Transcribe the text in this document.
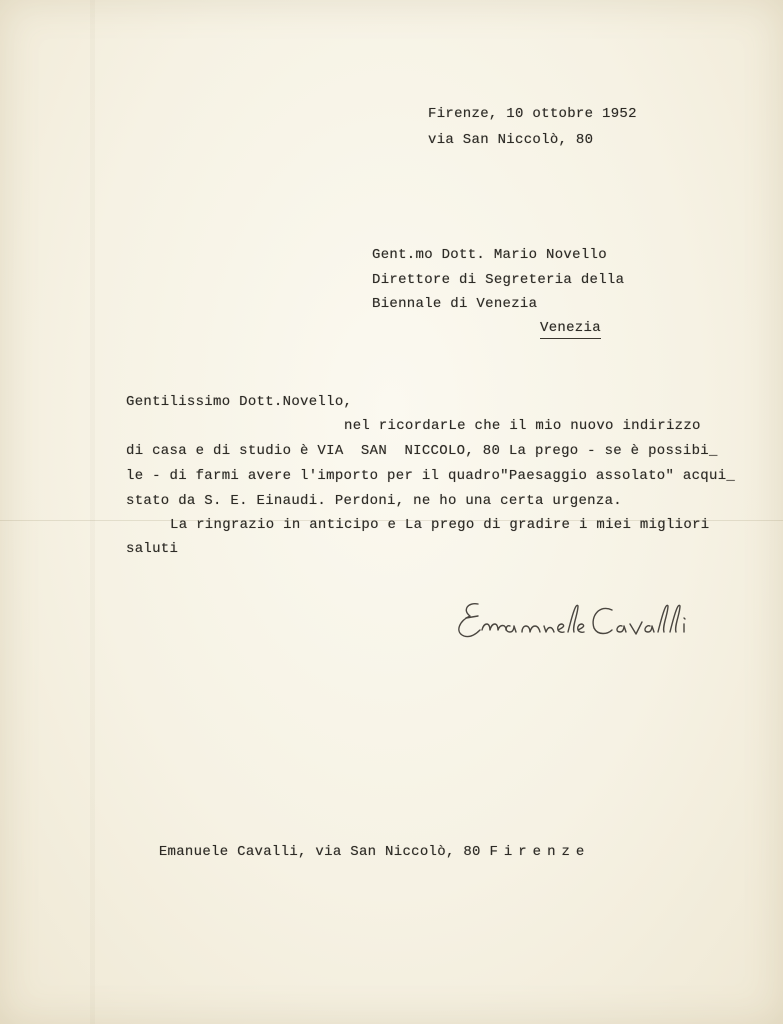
Firenze, 10 ottobre 1952
via San Niccolò, 80
Gent.mo Dott. Mario Novello
Direttore di Segreteria della
Biennale di Venezia
Venezia
Gentilissimo Dott.Novello,
nel ricordarLe che il mio nuovo indirizzo
di casa e di studio è VIA  SAN  NICCOLO, 80 La prego - se è possibi_
le - di farmi avere l'importo per il quadro"Paesaggio assolato" acqui_
stato da S. E. Einaudi. Perdoni, ne ho una certa urgenza.
La ringrazio in anticipo e La prego di gradire i miei migliori
saluti

Emanuele Cavalli, via San Niccolò, 80 Firenze
